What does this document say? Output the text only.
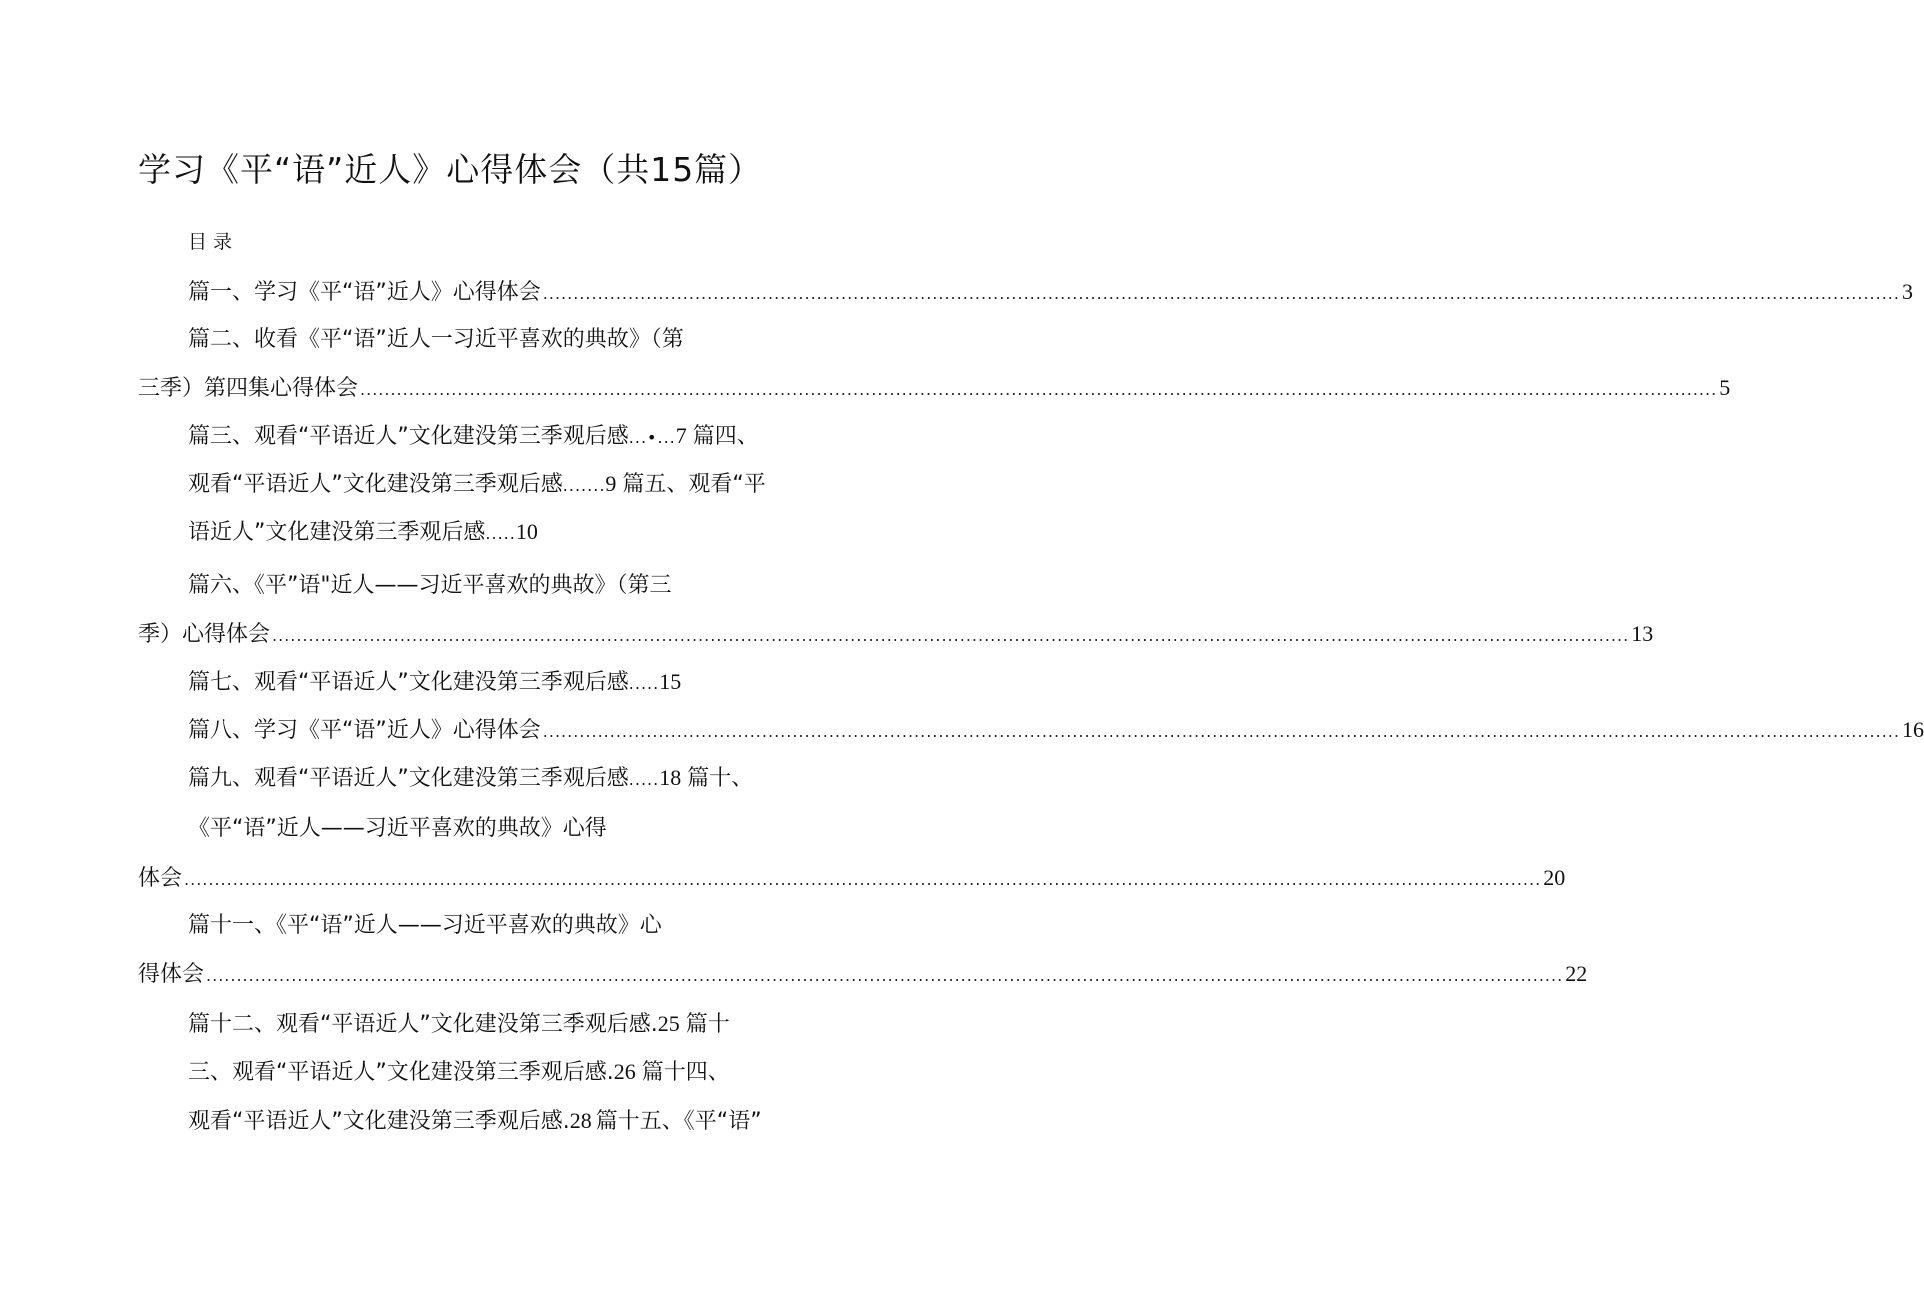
学习《平“语”近人》心得体会（共15篇）
目录
篇一、学习《平“语”近人》心得体会 ............................................................................................................................................................................................................................... 3
篇二、收看《平“语”近人一习近平喜欢的典故》（第
三季）第四集心得体会 ............................................................................................................................................................................................................................... 5
篇三、观看“平语近人”文化建没第三季观后感 ...•... 7 篇四、
观看“平语近人”文化建没第三季观后感 ....... 9 篇五、观看“平
语近人”文化建没第三季观后感 ..... 10
篇六、《平”语"近人——习近平喜欢的典故》（第三
季）心得体会 ............................................................................................................................................................................................................................... 13
篇七、观看“平语近人”文化建没第三季观后感 ..... 15
篇八、学习《平“语”近人》心得体会 ............................................................................................................................................................................................................................... 16
篇九、观看“平语近人”文化建没第三季观后感 ..... 18 篇十、
《平“语”近人——习近平喜欢的典故》心得
体会 ............................................................................................................................................................................................................................... 20
篇十一、《平“语”近人——习近平喜欢的典故》心
得体会 ............................................................................................................................................................................................................................... 22
篇十二、观看“平语近人”文化建没第三季观后感. 25 篇十
三、观看“平语近人”文化建没第三季观后感. 26 篇十四、
观看“平语近人”文化建没第三季观后感. 28 篇十五、《平“语”
